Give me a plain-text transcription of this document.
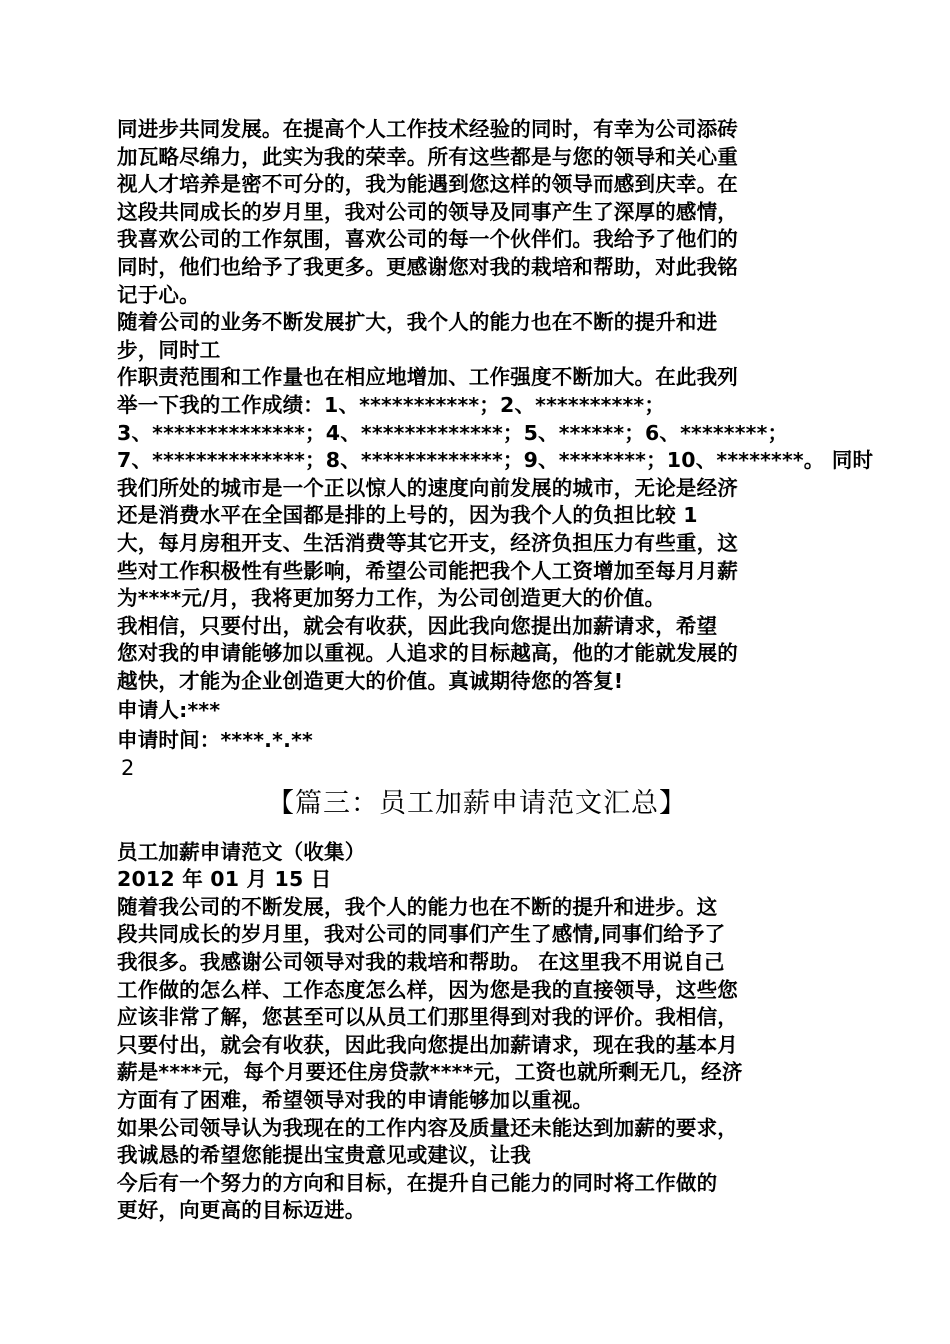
同进步共同发展。在提高个人工作技术经验的同时，有幸为公司添砖
加瓦略尽绵力，此实为我的荣幸。所有这些都是与您的领导和关心重
视人才培养是密不可分的，我为能遇到您这样的领导而感到庆幸。在
这段共同成长的岁月里，我对公司的领导及同事产生了深厚的感情，
我喜欢公司的工作氛围，喜欢公司的每一个伙伴们。我给予了他们的
同时，他们也给予了我更多。更感谢您对我的栽培和帮助，对此我铭
记于心。
随着公司的业务不断发展扩大，我个人的能力也在不断的提升和进
步，同时工
作职责范围和工作量也在相应地增加、工作强度不断加大。在此我列
举一下我的工作成绩：1、***********；2、**********；
3、**************；4、*************；5、******；6、********；
7、**************；8、*************；9、********；10、********。 同时
我们所处的城市是一个正以惊人的速度向前发展的城市，无论是经济
还是消费水平在全国都是排的上号的，因为我个人的负担比较 1
大，每月房租开支、生活消费等其它开支，经济负担压力有些重，这
些对工作积极性有些影响，希望公司能把我个人工资增加至每月月薪
为****元/月，我将更加努力工作，为公司创造更大的价值。
我相信，只要付出，就会有收获，因此我向您提出加薪请求，希望
您对我的申请能够加以重视。人追求的目标越高，他的才能就发展的
越快，才能为企业创造更大的价值。真诚期待您的答复!
申请人:***
申请时间：****.*.**
2
【篇三：员工加薪申请范文汇总】
员工加薪申请范文（收集）
2012 年 01 月 15 日
随着我公司的不断发展，我个人的能力也在不断的提升和进步。这
段共同成长的岁月里，我对公司的同事们产生了感情,同事们给予了
我很多。我感谢公司领导对我的栽培和帮助。 在这里我不用说自己
工作做的怎么样、工作态度怎么样，因为您是我的直接领导，这些您
应该非常了解，您甚至可以从员工们那里得到对我的评价。我相信，
只要付出，就会有收获，因此我向您提出加薪请求，现在我的基本月
薪是****元，每个月要还住房贷款****元，工资也就所剩无几，经济
方面有了困难，希望领导对我的申请能够加以重视。
如果公司领导认为我现在的工作内容及质量还未能达到加薪的要求，
我诚恳的希望您能提出宝贵意见或建议，让我
今后有一个努力的方向和目标，在提升自己能力的同时将工作做的
更好，向更高的目标迈进。
